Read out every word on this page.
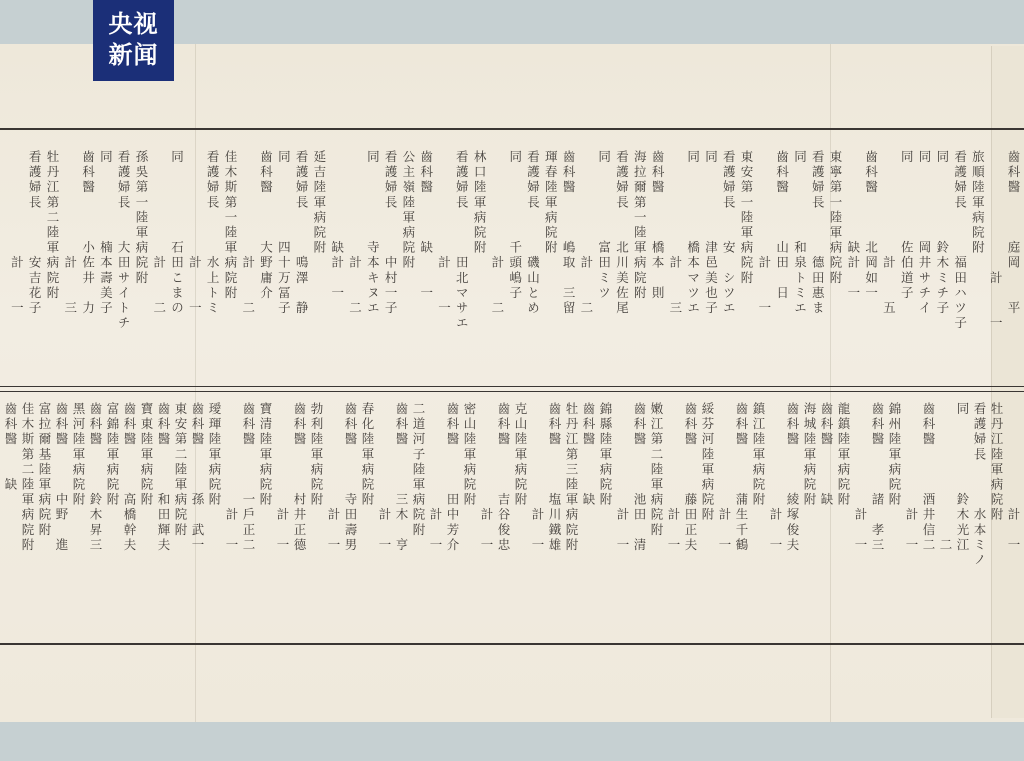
齒科醫　　　庭岡　　平
　　　　　　　　計　　一
旅順陸軍病院附
看護婦長　　　福田ハツ子
同　　　　　鈴木ミチ子
同　　　　　岡井サチイ
同　　　　　佐伯道子
　　　　　　　計　　五
齒科醫　　　北岡如一
　　　　　　缺計　一
東寧第一陸軍病院附
看護婦長　　　德田惠ま
同　　　　　和泉トミエ
齒科醫　　　山田　日
　　　　　　　計　　一
東安第一陸軍病院附
看護婦長　　安　シツエ
同　　　　　津邑美也子
同　　　　　橋本マツエ
　　　　　　　計　　三
齒科醫　　　橋本　則
海拉爾第一陸軍病院附
看護婦長　　北川美佐尾
同　　　　　富田ミツ
　　　　　　　計　　二
齒科醫　　　嶋取　三留
琿春陸軍病院附
看護婦長　　　磯山とめ
同　　　　　千頭嶋子
　　　　　　　計　　二
林口陸軍病院附
看護婦長　　　田北マサエ
　　　　　　　計　　一
齒科醫　　　缺　　一
公主嶺陸軍病院附
看護婦長　　　中村一子
同　　　　　寺本キヌエ
　　　　　　　計　　二
　　　　　　缺計　一
延吉陸軍病院附
看護婦長　　　鳴澤　静
同　　　　　四十万冨子
齒科醫　　　大野庸介
　　　　　　　計　　二
佳木斯第一陸軍病院附
看護婦長　　　水上トミ
　　　　　　　計　　一
同　　　　　石田こまの
　　　　　　　計　　二
孫吳第一陸軍病院附
看護婦長　　大田サイトチ
同　　　　　楠本壽美子
齒科醫　　　小佐井　力
　　　　　　　計　　三
牡丹江第二陸軍病院附
看護婦長　　　安吉花子
　　　　　　　計　　一
　　　　　　　計　一
牡丹江陸軍病院附
看護婦長　　　水本ミノ
同　　　　　鈴木光江
　　　　　　　　　二
齒科醫　　　酒井信二
　　　　　　　計　一
錦州陸軍病院附
齒科醫　　　諸　孝三
　　　　　　　計　一
龍鎮陸軍病院附
齒科醫　　　缺
海城陸軍病院附
齒科醫　　　綾塚俊夫
　　　　　　　計　一
鎮江陸軍病院附
齒科醫　　　蒲生千鶴
　　　　　　　計　一
綏芬河陸軍病院附
齒科醫　　　藤田正夫
　　　　　　　計　一
嫩江第二陸軍病院附
齒科醫　　　池田　清
　　　　　　　計　一
錦縣陸軍病院附
齒科醫　　　缺
牡丹江第三陸軍病院附
齒科醫　　　塩川鐵雄
　　　　　　　計　一
克山陸軍病院附
齒科醫　　　吉谷俊忠
　　　　　　　計　一
密山陸軍病院附
齒科醫　　　田中芳介
　　　　　　　計　一
二道河子陸軍病院附
齒科醫　　　三木　亨
　　　　　　　計　一
春化陸軍病院附
齒科醫　　　寺田壽男
　　　　　　　計　一
勃利陸軍病院附
齒科醫　　　村井正德
　　　　　　　計　一
寶清陸軍病院附
齒科醫　　　一戶正二
　　　　　　　計　一
璦琿陸軍病院附
齒科醫　　　孫　武一
東安第二陸軍病院附
齒科醫　　　和田輝夫
寶東陸軍病院附
齒科醫　　　高橋幹夫
富錦陸軍病院附
齒科醫　　　鈴木昇三
黑河陸軍病院附
齒科醫　　　中野　進
富拉爾基陸軍病院附
佳木斯第二陸軍病院附
齒科醫　　缺
央视
新闻
